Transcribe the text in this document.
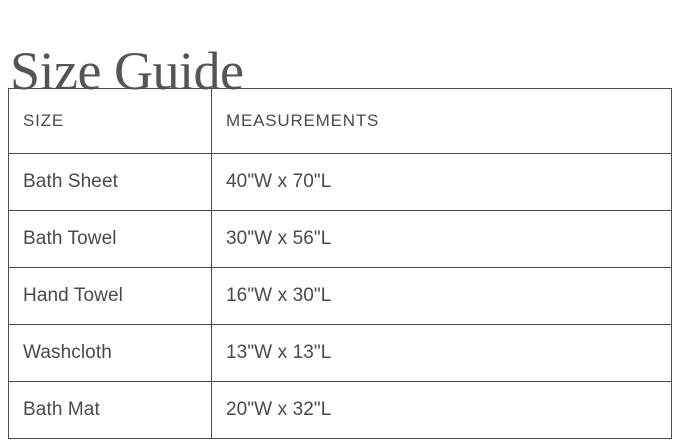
Size Guide
SIZE	MEASUREMENTS
Bath Sheet	40"W x 70"L
Bath Towel	30"W x 56"L
Hand Towel	16"W x 30"L
Washcloth	13"W x 13"L
Bath Mat	20"W x 32"L
